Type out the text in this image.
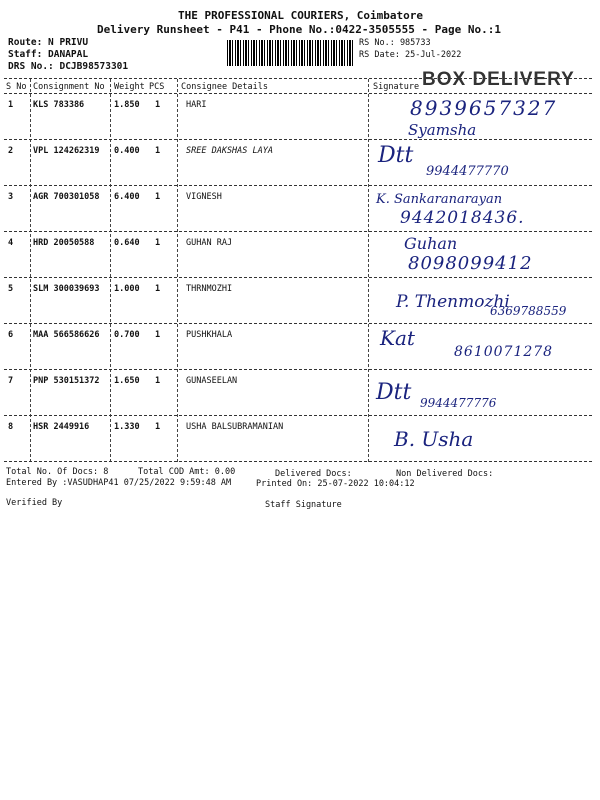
THE PROFESSIONAL COURIERS, Coimbatore
Delivery Runsheet - P41 - Phone No.:0422-3505555 - Page No.:1
Route: N PRIVU
Staff: DANAPAL
DRS No.: DCJB98573301
RS No.: 985733
RS Date: 25-Jul-2022
BOX DELIVERY
S No Consignment No Weight PCS Consignee Details	Signature
1 KLS 783386	1.850 1	HARI	8939657327
Syamsha
2 VPL 124262319 0.400 1	SREE DAKSHAS LAYA	Dtt
9944477770
3 AGR 700301058 6.400 1	VIGNESH	K. Sankaranarayan
9442018436.
4 HRD 20050588 0.640 1	GUHAN RAJ	Guhan
8098099412
5 SLM 300039693 1.000 1	THRNMOZHI
P. Thenmozhi
6369788559
6 MAA 566586626 0.700 1	PUSHKHALA	Kat
8610071278
7 PNP 530151372 1.650 1	GUNASEELAN	Dtt 9944477776
8 HSR 2449916	1.330 1	USHA BALSUBRAMANIAN	B. Usha
Total No. Of Docs: 8	Total COD Amt: 0.00	Delivered Docs:	Non Delivered Docs:
Entered By :VASUDHAP41 07/25/2022 9:59:48 AM	Printed On: 25-07-2022 10:04:12
Verified By	Staff Signature
